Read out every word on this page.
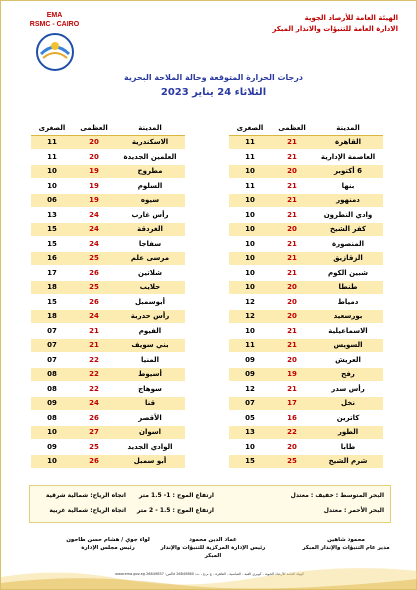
EMA
RSMC - CAIRO
الهيئة العامة للأرصاد الجوية
الادارة العامة للتنبؤات والانذار المبكر
درجات الحرارة المتوقعة وحالة الملاحة البحرية
الثلاثاء 24 يناير 2023
المدينة	العظمى	الصغرى
القاهرة	21	11
العاصمة الإدارية	21	11
6 أكتوبر	20	10
بنها	21	11
دمنهور	21	10
وادي النطرون	21	10
كفر الشيخ	20	10
المنصورة	21	10
الزقازيق	21	10
شبين الكوم	21	10
طنطا	20	10
دمياط	20	12
بورسعيد	20	12
الاسماعيلية	21	10
السويس	21	11
العريش	20	09
رفح	19	09
رأس سدر	21	12
نخل	17	07
كاترين	16	05
الطور	22	13
طابا	20	10
شرم الشيخ	25	15
المدينة	العظمى	الصغرى
الاسكندرية	20	11
العلمين الجديدة	20	11
مطروح	19	10
السلوم	19	10
سيوه	19	06
رأس غارب	24	13
الغردقة	24	15
سفاجا	24	15
مرسى علم	25	16
شلاتين	26	17
حلايب	25	18
أبوسمبل	26	15
رأس حدربة	24	18
الفيوم	21	07
بني سويف	21	07
المنيا	22	07
أسيوط	22	08
سوهاج	22	08
قنا	24	09
الأقصر	26	08
اسوان	27	10
الوادي الجديد	25	09
أبو سمبل	26	10
البحر المتوسط : خفيف : معتدل
ارتفاع الموج : 1- 1.5 متر
اتجاه الرياح: شمالية شرقية
البحر الأحمر : معتدل
ارتفاع الموج : 1.5 - 2 متر
اتجاه الرياح: شمالية غربية
محمود شاهين
مدير عام التنبؤات والإنذار المبكر
عماد الدين محمود
رئيس الإدارة المركزية للتنبؤات والإنذار المبكر
لواء جوي / هشام حسن طاحون
رئيس مجلس الإدارة
الهيئة العامة للأرصاد الجوية - كوبري القبة - العباسية - القاهرة - ج.م.ع - ت: 26849860 فاكس: 26849857 www.ema.gov.eg
